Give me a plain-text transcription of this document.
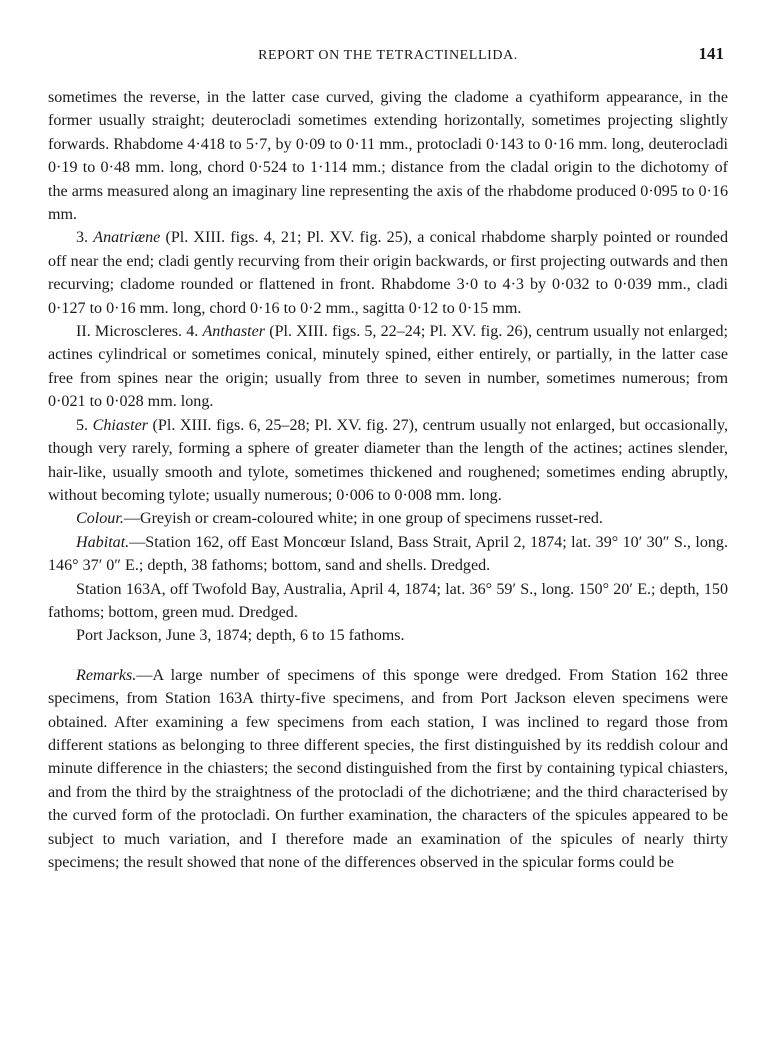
REPORT ON THE TETRACTINELLIDA.	141

sometimes the reverse, in the latter case curved, giving the cladome a cyathiform appearance, in the former usually straight; deuterocladi sometimes extending horizontally, sometimes projecting slightly forwards. Rhabdome 4·418 to 5·7, by 0·09 to 0·11 mm., protocladi 0·143 to 0·16 mm. long, deuterocladi 0·19 to 0·48 mm. long, chord 0·524 to 1·114 mm.; distance from the cladal origin to the dichotomy of the arms measured along an imaginary line representing the axis of the rhabdome produced 0·095 to 0·16 mm.

3. Anatriæne (Pl. XIII. figs. 4, 21; Pl. XV. fig. 25), a conical rhabdome sharply pointed or rounded off near the end; cladi gently recurving from their origin backwards, or first projecting outwards and then recurving; cladome rounded or flattened in front. Rhabdome 3·0 to 4·3 by 0·032 to 0·039 mm., cladi 0·127 to 0·16 mm. long, chord 0·16 to 0·2 mm., sagitta 0·12 to 0·15 mm.

II. Microscleres. 4. Anthaster (Pl. XIII. figs. 5, 22–24; Pl. XV. fig. 26), centrum usually not enlarged; actines cylindrical or sometimes conical, minutely spined, either entirely, or partially, in the latter case free from spines near the origin; usually from three to seven in number, sometimes numerous; from 0·021 to 0·028 mm. long.

5. Chiaster (Pl. XIII. figs. 6, 25–28; Pl. XV. fig. 27), centrum usually not enlarged, but occasionally, though very rarely, forming a sphere of greater diameter than the length of the actines; actines slender, hair-like, usually smooth and tylote, sometimes thickened and roughened; sometimes ending abruptly, without becoming tylote; usually numerous; 0·006 to 0·008 mm. long.

Colour.—Greyish or cream-coloured white; in one group of specimens russet-red.

Habitat.—Station 162, off East Moncœur Island, Bass Strait, April 2, 1874; lat. 39° 10′ 30″ S., long. 146° 37′ 0″ E.; depth, 38 fathoms; bottom, sand and shells. Dredged.

Station 163A, off Twofold Bay, Australia, April 4, 1874; lat. 36° 59′ S., long. 150° 20′ E.; depth, 150 fathoms; bottom, green mud. Dredged.

Port Jackson, June 3, 1874; depth, 6 to 15 fathoms.

Remarks.—A large number of specimens of this sponge were dredged. From Station 162 three specimens, from Station 163A thirty-five specimens, and from Port Jackson eleven specimens were obtained. After examining a few specimens from each station, I was inclined to regard those from different stations as belonging to three different species, the first distinguished by its reddish colour and minute difference in the chiasters; the second distinguished from the first by containing typical chiasters, and from the third by the straightness of the protocladi of the dichotriæne; and the third characterised by the curved form of the protocladi. On further examination, the characters of the spicules appeared to be subject to much variation, and I therefore made an examination of the spicules of nearly thirty specimens; the result showed that none of the differences observed in the spicular forms could be
